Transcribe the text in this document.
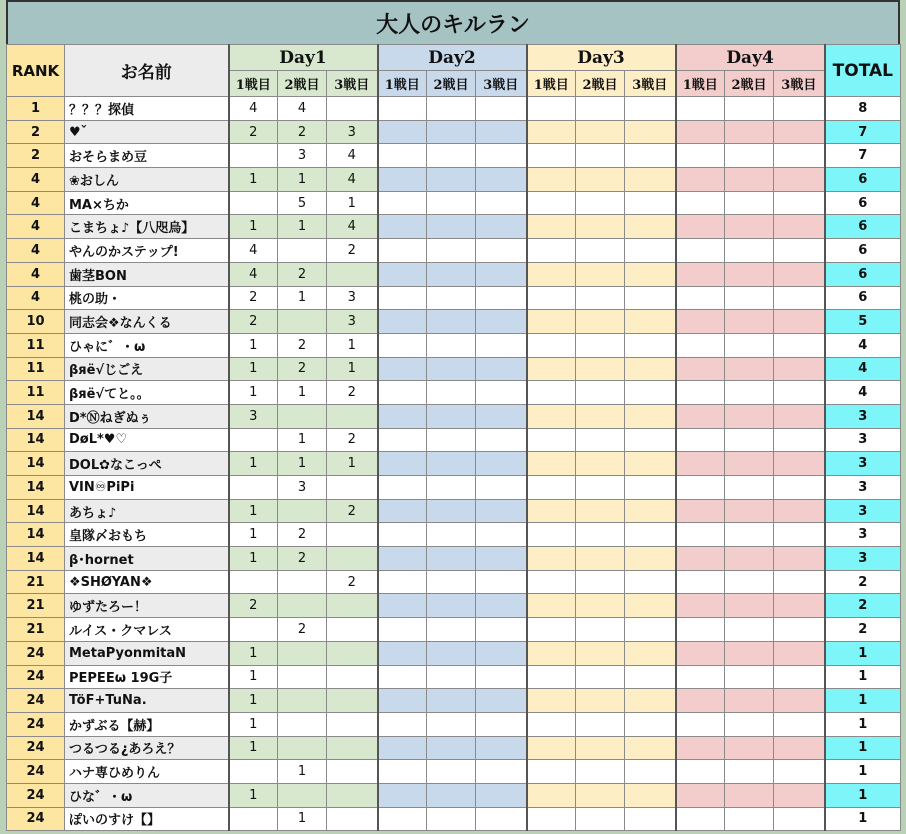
大人のキルラン
RANK	お名前	Day1			Day2			Day3			Day4			TOTAL
		1戦目	2戦目	3戦目	1戦目	2戦目	3戦目	1戦目	2戦目	3戦目	1戦目	2戦目	3戦目	
1	？？？探偵	4	4											8
2	♥︎ˇ	2	2	3										7
2	おそらまめ豆		3	4										7
4	❀おしん	1	1	4										6
4	MA×ちか		5	1										6
4	こまちょ♪【八咫烏】	1	1	4										6
4	やんのかステップ!	4		2										6
4	歯茎BON	4	2											6
4	桃の助・	2	1	3										6
10	同志会❖なんくる	2		3										5
11	ひゃに゛・ω	1	2	1										4
11	βяё√じごえ	1	2	1										4
11	βяё√てと。。	1	1	2										4
14	D*Ⓝねぎぬぅ	3												3
14	DøL*♥♡		1	2										3
14	DOL✿なこっぺ	1	1	1										3
14	VIN♾PiPi		3											3
14	あちょ♪	1		2										3
14	皇隊〆おもち	1	2											3
14	β･hornet	1	2											3
21	❖SHØYAN❖			2										2
21	ゆずたろー！	2												2
21	ルイス・クマレス		2											2
24	MetaPyonmitaN	1												1
24	PEPEEω 19G子	1												1
24	TöF+TuNa.	1												1
24	かずぶる【赫】	1												1
24	つるつる¿あろえ？	1												1
24	ハナ専ひめりん		1											1
24	ひな゛・ω	1												1
24	ぽいのすけ【】		1											1
